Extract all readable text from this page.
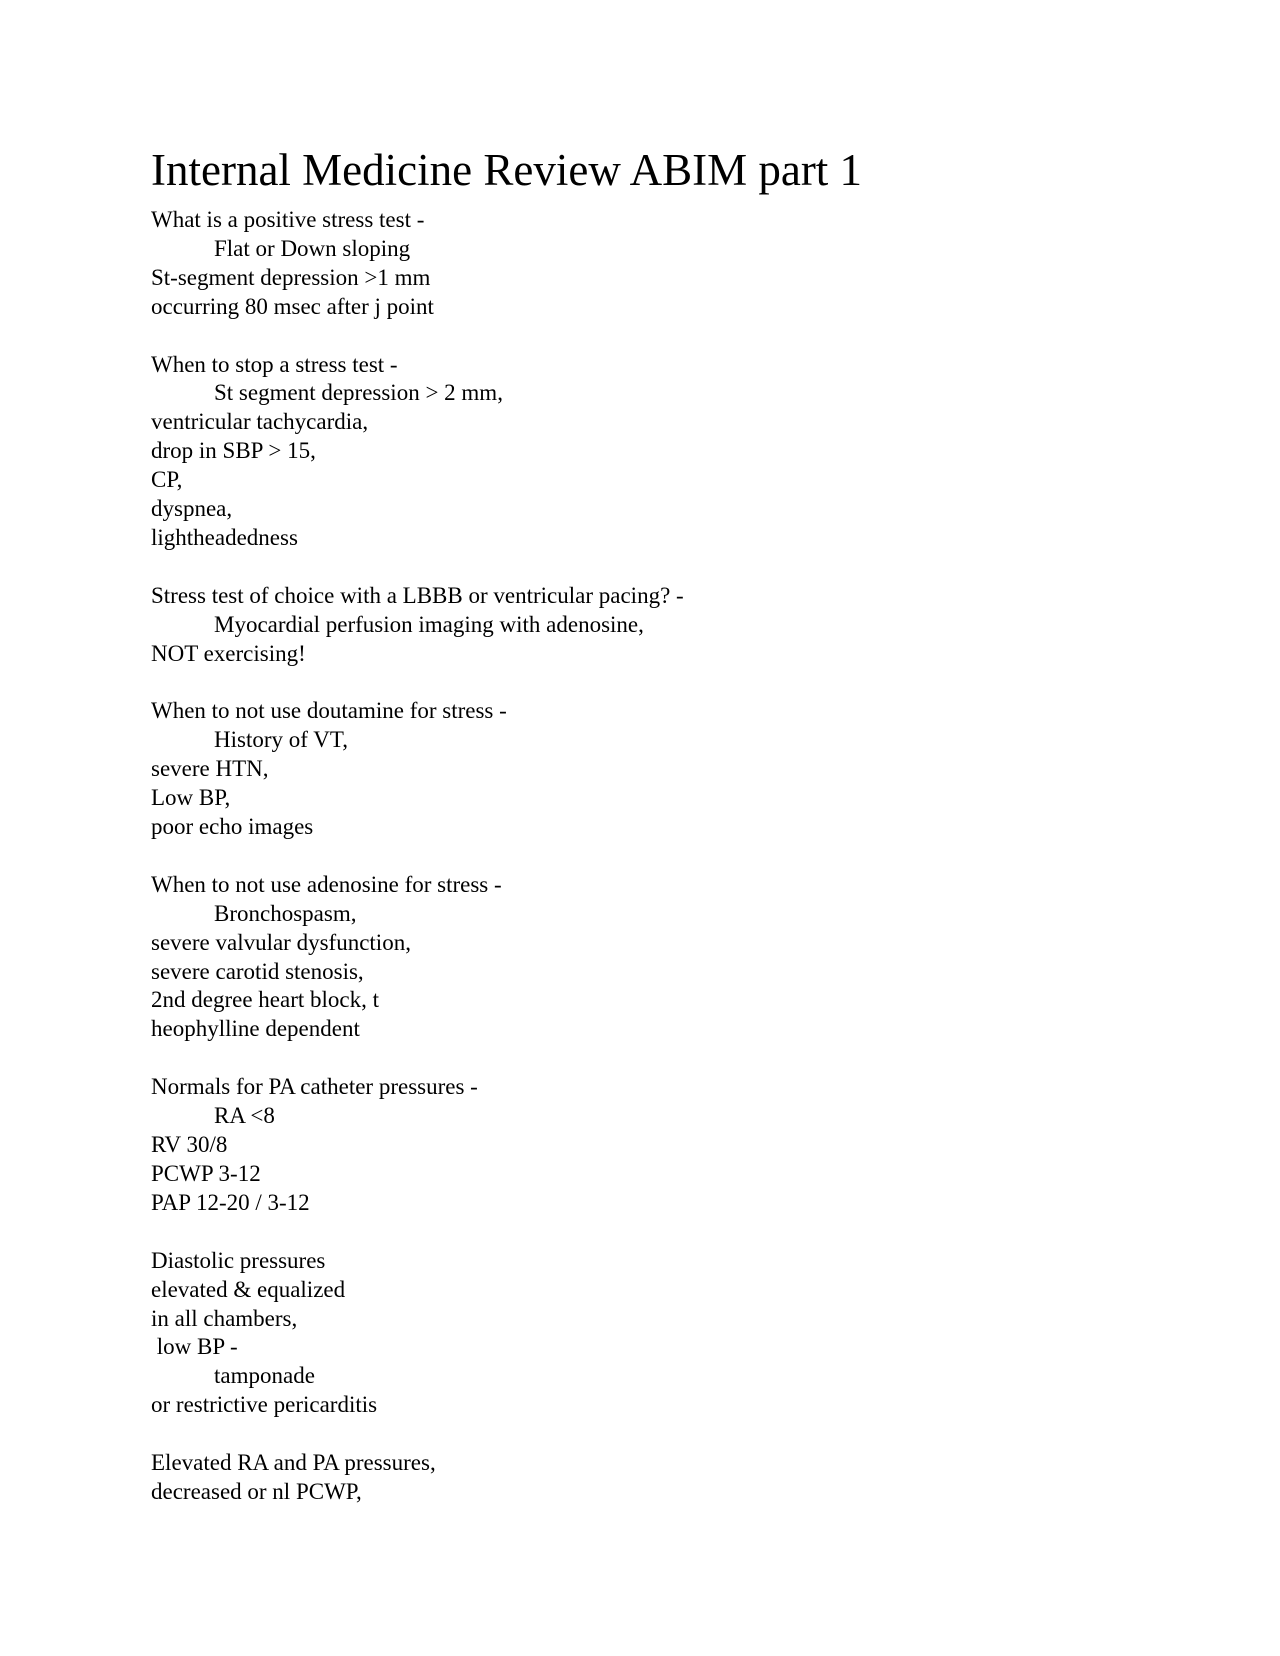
Internal Medicine Review ABIM part 1
What is a positive stress test -
Flat or Down sloping
St-segment depression >1 mm
occurring 80 msec after j point
When to stop a stress test -
St segment depression > 2 mm,
ventricular tachycardia,
drop in SBP > 15,
CP,
dyspnea,
lightheadedness
Stress test of choice with a LBBB or ventricular pacing? -
Myocardial perfusion imaging with adenosine,
NOT exercising!
When to not use doutamine for stress -
History of VT,
severe HTN,
Low BP,
poor echo images
When to not use adenosine for stress -
Bronchospasm,
severe valvular dysfunction,
severe carotid stenosis,
2nd degree heart block, t
heophylline dependent
Normals for PA catheter pressures -
RA <8
RV 30/8
PCWP 3-12
PAP 12-20 / 3-12
Diastolic pressures
elevated & equalized
in all chambers,
low BP -
tamponade
or restrictive pericarditis
Elevated RA and PA pressures,
decreased or nl PCWP,
